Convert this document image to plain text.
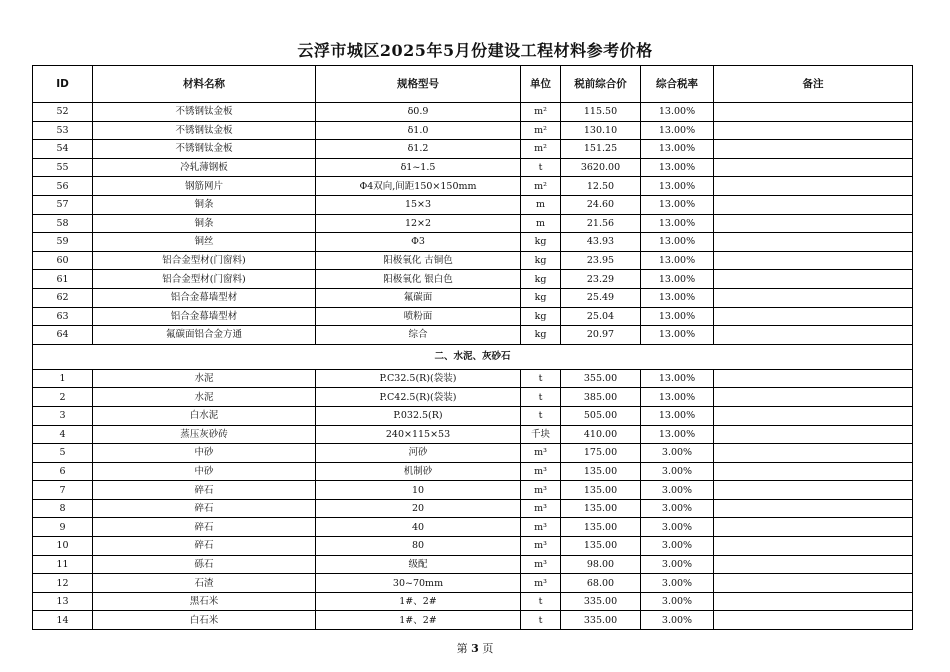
云浮市城区2025年5月份建设工程材料参考价格
ID	材料名称	规格型号	单位	税前综合价	综合税率	备注
52	不锈钢钛金板	δ0.9	m²	115.50	13.00%	
53	不锈钢钛金板	δ1.0	m²	130.10	13.00%	
54	不锈钢钛金板	δ1.2	m²	151.25	13.00%	
55	冷轧薄钢板	δ1~1.5	t	3620.00	13.00%	
56	钢筋网片	Φ4双向,间距150×150mm	m²	12.50	13.00%	
57	铜条	15×3	m	24.60	13.00%	
58	铜条	12×2	m	21.56	13.00%	
59	铜丝	Φ3	kg	43.93	13.00%	
60	铝合金型材(门窗料)	阳极氧化 古铜色	kg	23.95	13.00%	
61	铝合金型材(门窗料)	阳极氧化 银白色	kg	23.29	13.00%	
62	铝合金幕墙型材	氟碳面	kg	25.49	13.00%	
63	铝合金幕墙型材	喷粉面	kg	25.04	13.00%	
64	氟碳面铝合金方通	综合	kg	20.97	13.00%	
二、水泥、灰砂石						
1	水泥	P.C32.5(R)(袋装)	t	355.00	13.00%	
2	水泥	P.C42.5(R)(袋装)	t	385.00	13.00%	
3	白水泥	P.032.5(R)	t	505.00	13.00%	
4	蒸压灰砂砖	240×115×53	千块	410.00	13.00%	
5	中砂	河砂	m³	175.00	3.00%	
6	中砂	机制砂	m³	135.00	3.00%	
7	碎石	10	m³	135.00	3.00%	
8	碎石	20	m³	135.00	3.00%	
9	碎石	40	m³	135.00	3.00%	
10	碎石	80	m³	135.00	3.00%	
11	砾石	级配	m³	98.00	3.00%	
12	石渣	30~70mm	m³	68.00	3.00%	
13	黑石米	1#、2#	t	335.00	3.00%	
14	白石米	1#、2#	t	335.00	3.00%	
第 3 页
